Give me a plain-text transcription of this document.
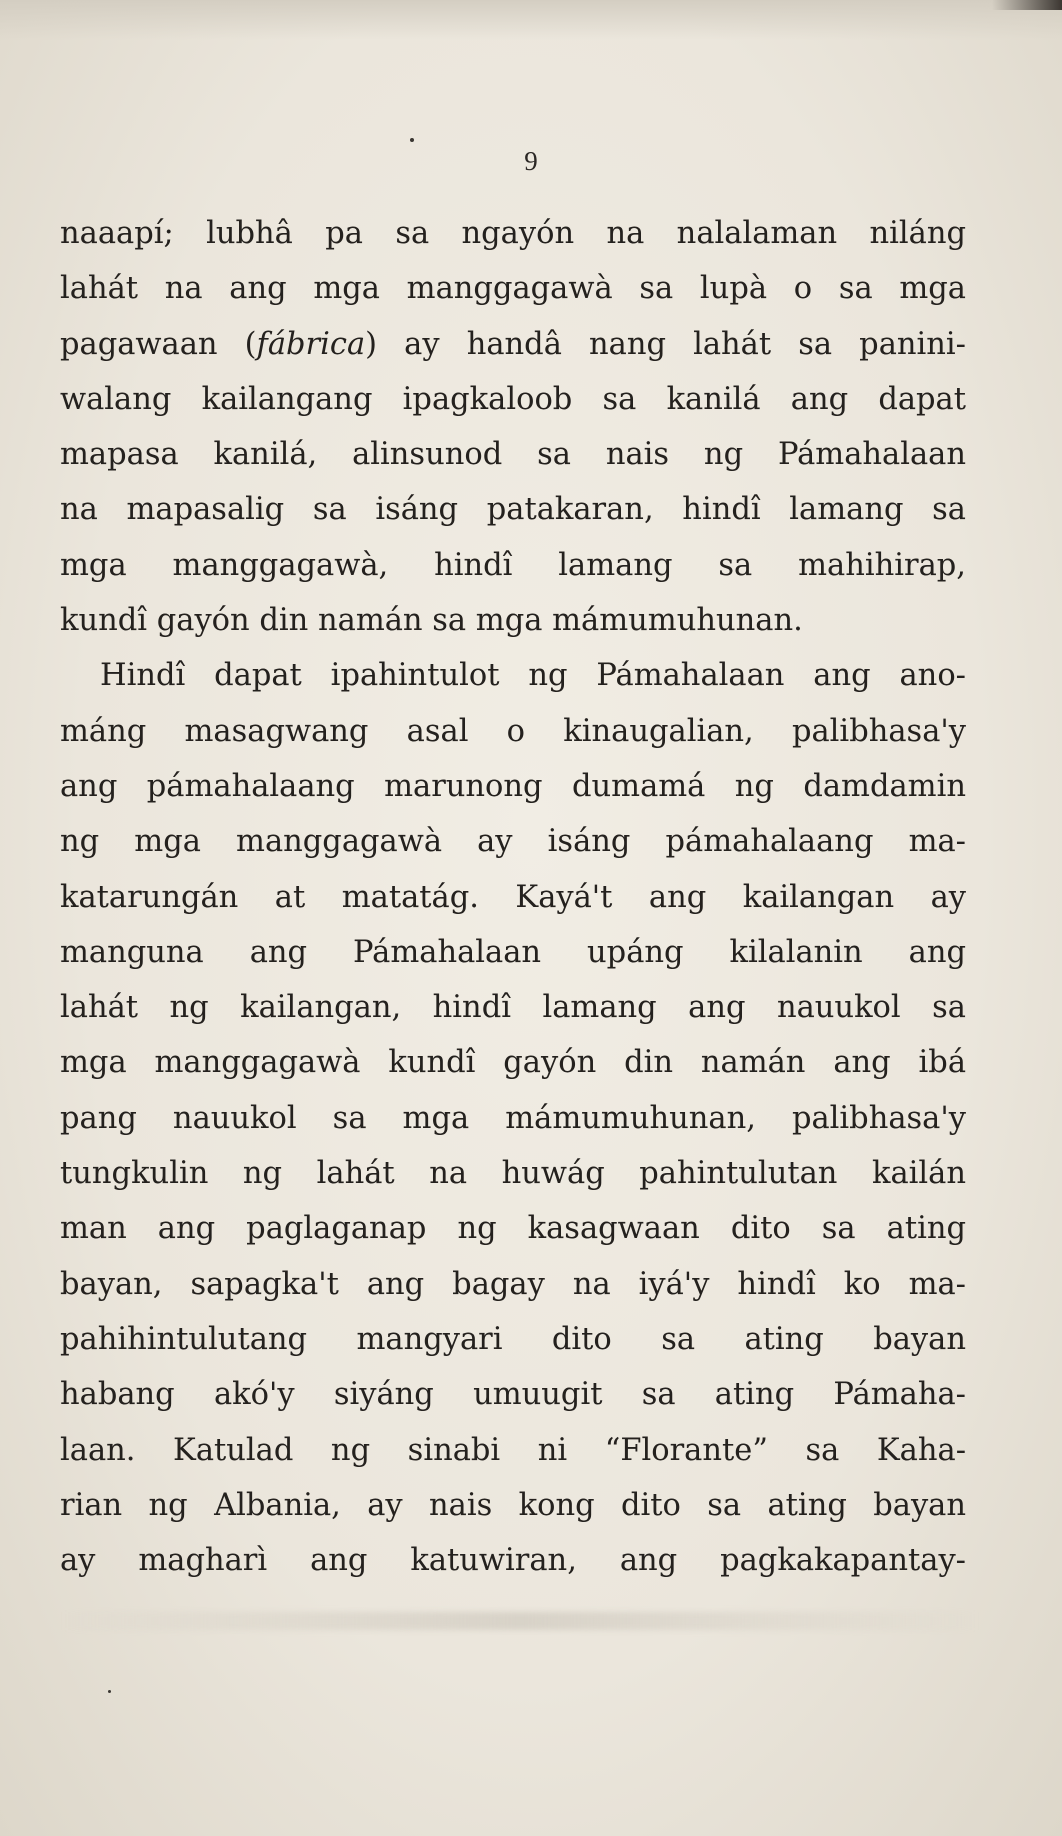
9
naaapí; lubhâ pa sa ngayón na nalalaman niláng
lahát na ang mga manggagawà sa lupà o sa mga
pagawaan (fábrica) ay handâ nang lahát sa panini-
walang kailangang ipagkaloob sa kanilá ang dapat
mapasa kanilá, alinsunod sa nais ng Pámahalaan
na mapasalig sa isáng patakaran, hindî lamang sa
mga manggagawà, hindî lamang sa mahihirap,
kundî gayón din namán sa mga mámumuhunan.
Hindî dapat ipahintulot ng Pámahalaan ang ano-
máng masagwang asal o kinaugalian, palibhasa'y
ang pámahalaang marunong dumamá ng damdamin
ng mga manggagawà ay isáng pámahalaang ma-
katarungán at matatág. Kayá't ang kailangan ay
manguna ang Pámahalaan upáng kilalanin ang
lahát ng kailangan, hindî lamang ang nauukol sa
mga manggagawà kundî gayón din namán ang ibá
pang nauukol sa mga mámumuhunan, palibhasa'y
tungkulin ng lahát na huwág pahintulutan kailán
man ang paglaganap ng kasagwaan dito sa ating
bayan, sapagka't ang bagay na iyá'y hindî ko ma-
pahihintulutang mangyari dito sa ating bayan
habang akó'y siyáng umuugit sa ating Pámaha-
laan. Katulad ng sinabi ni “Florante” sa Kaha-
rian ng Albania, ay nais kong dito sa ating bayan
ay magharì ang katuwiran, ang pagkakapantay-
